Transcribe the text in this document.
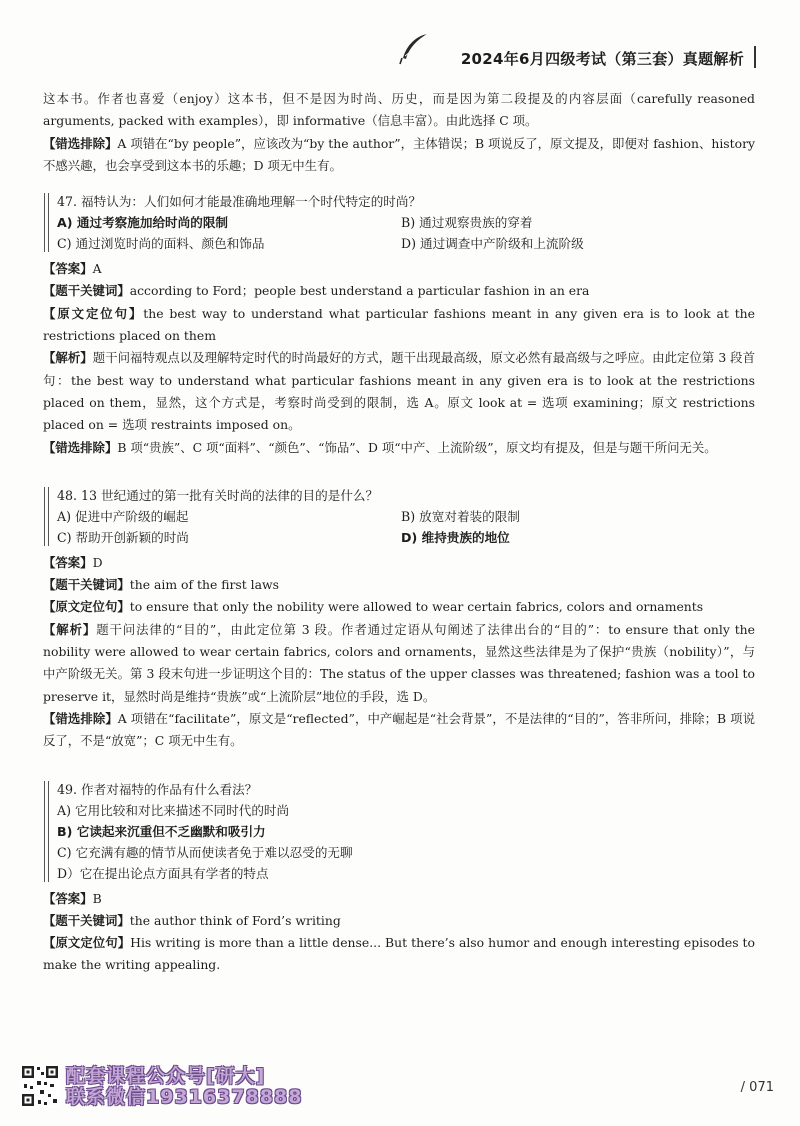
2024年6月四级考试（第三套）真题解析

这本书。作者也喜爱（enjoy）这本书，但不是因为时尚、历史，而是因为第二段提及的内容层面（carefully reasoned arguments, packed with examples），即 informative（信息丰富）。由此选择 C 项。

【错选排除】A 项错在“by people”，应该改为“by the author”，主体错误；B 项说反了，原文提及，即便对 fashion、history 不感兴趣，也会享受到这本书的乐趣；D 项无中生有。

47. 福特认为：人们如何才能最准确地理解一个时代特定的时尚？
A) 通过考察施加给时尚的限制	B) 通过观察贵族的穿着
C) 通过浏览时尚的面料、颜色和饰品	D) 通过调查中产阶级和上流阶级

【答案】A

【题干关键词】according to Ford；people best understand a particular fashion in an era

【原文定位句】the best way to understand what particular fashions meant in any given era is to look at the restrictions placed on them

【解析】题干问福特观点以及理解特定时代的时尚最好的方式，题干出现最高级，原文必然有最高级与之呼应。由此定位第 3 段首句：the best way to understand what particular fashions meant in any given era is to look at the restrictions placed on them，显然，这个方式是，考察时尚受到的限制，选 A。原文 look at = 选项 examining；原文 restrictions placed on = 选项 restraints imposed on。

【错选排除】B 项“贵族”、C 项“面料”、“颜色”、“饰品”、D 项“中产、上流阶级”，原文均有提及，但是与题干所问无关。

48. 13 世纪通过的第一批有关时尚的法律的目的是什么？
A) 促进中产阶级的崛起	B) 放宽对着装的限制
C) 帮助开创新颖的时尚	D) 维持贵族的地位

【答案】D

【题干关键词】the aim of the first laws

【原文定位句】to ensure that only the nobility were allowed to wear certain fabrics, colors and ornaments

【解析】题干问法律的“目的”，由此定位第 3 段。作者通过定语从句阐述了法律出台的“目的”：to ensure that only the nobility were allowed to wear certain fabrics, colors and ornaments，显然这些法律是为了保护“贵族（nobility）”，与中产阶级无关。第 3 段末句进一步证明这个目的：The status of the upper classes was threatened; fashion was a tool to preserve it，显然时尚是维持“贵族”或“上流阶层”地位的手段，选 D。

【错选排除】A 项错在“facilitate”，原文是“reflected”，中产崛起是“社会背景”，不是法律的“目的”，答非所问，排除；B 项说反了，不是“放宽”；C 项无中生有。

49. 作者对福特的作品有什么看法？
A) 它用比较和对比来描述不同时代的时尚
B) 它读起来沉重但不乏幽默和吸引力
C) 它充满有趣的情节从而使读者免于难以忍受的无聊
D）它在提出论点方面具有学者的特点

【答案】B

【题干关键词】the author think of Ford’s writing

【原文定位句】His writing is more than a little dense... But there’s also humor and enough interesting episodes to make the writing appealing.

配套课程公众号[研大]
联系微信19316378888	/ 071
